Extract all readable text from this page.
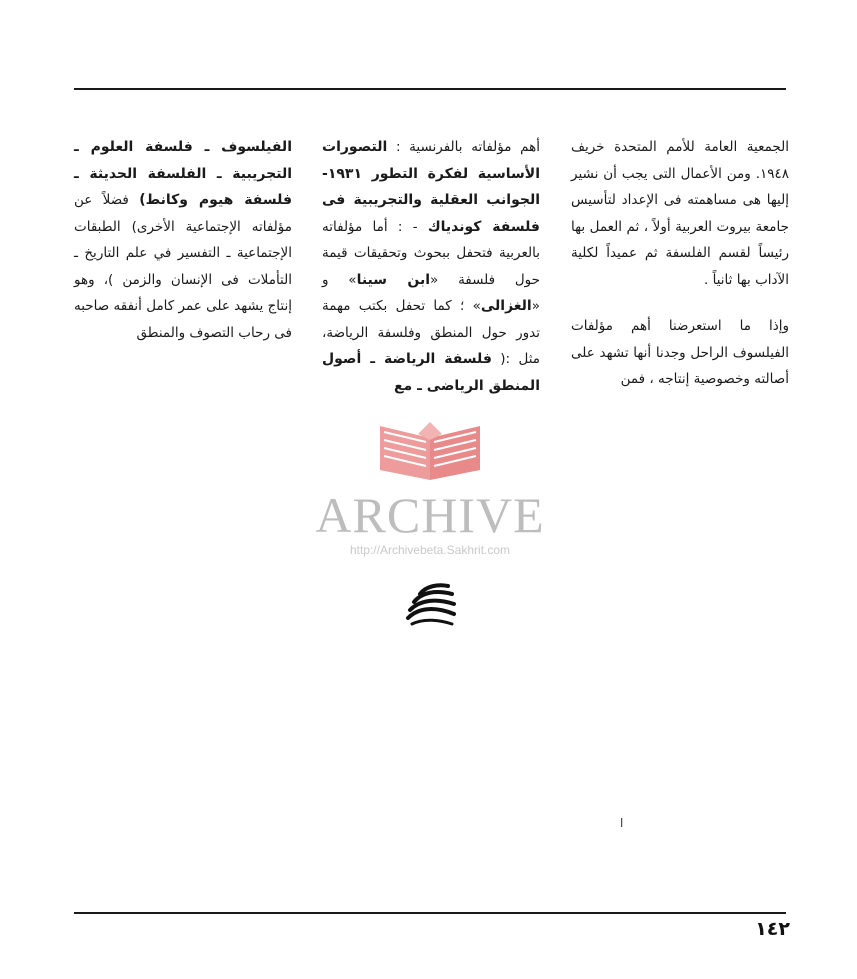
الجمعية العامة للأمم المتحدة خريف ١٩٤٨. ومن الأعمال التى يجب أن نشير إليها هى مساهمته فى الإعداد لتأسيس جامعة بيروت العربية أولاً ، ثم العمل بها رئيساً لقسم الفلسفة ثم عميداً لكلية الآداب بها ثانياً .

وإذا ما استعرضنا أهم مؤلفات الفيلسوف الراحل وجدنا أنها تشهد على أصالته وخصوصية إنتاجه ، فمن

أهم مؤلفاته بالفرنسية : التصورات الأساسية لفكرة التطور ١٩٣١- الجوانب العقلية والتجريبية فى فلسفة كوندياك - : أما مؤلفاته بالعربية فتحفل ببحوث وتحقيقات قيمة حول فلسفة «ابن سينا» و «الغزالى» ؛ كما تحفل بكتب مهمة تدور حول المنطق وفلسفة الرياضة، مثل :( فلسفة الرياضة ـ أصول المنطق الرياضى ـ مع

الفيلسوف ـ فلسفة العلوم ـ التجريبية ـ الفلسفة الحديثة ـ فلسفة هيوم وكانط) فضلاً عن مؤلفاته الإجتماعية الأخرى) الطبقات الإجتماعية ـ التفسير في علم التاريخ ـ التأملات فى الإنسان والزمن )، وهو إنتاج يشهد على عمر كامل أنفقه صاحبه فى رحاب التصوف والمنطق

ARCHIVE
http://Archivebeta.Sakhrit.com
ا
١٤٢
